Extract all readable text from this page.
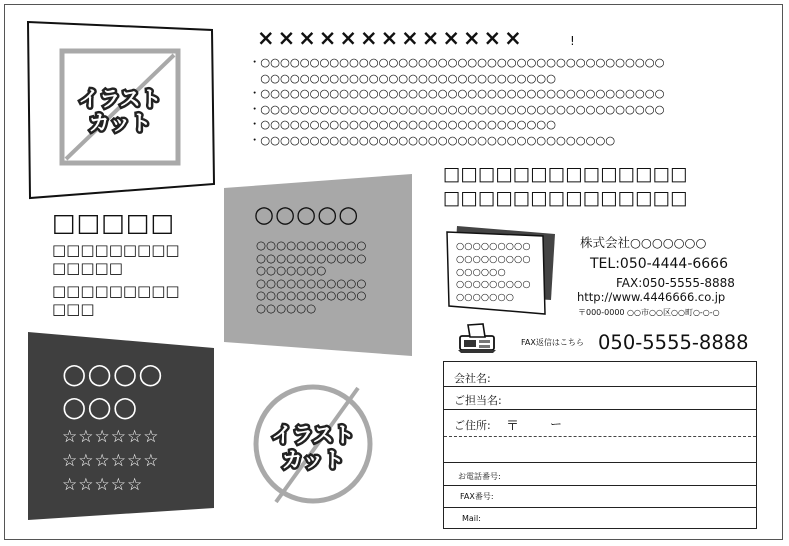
イラスト
カット
×××××××××××××	!
・○○○○○○○○○○○○○○○○○○○○○○○○○○○○○○○○○○○○○○○○○
　○○○○○○○○○○○○○○○○○○○○○○○○○○○○○○
・○○○○○○○○○○○○○○○○○○○○○○○○○○○○○○○○○○○○○○○○○
・○○○○○○○○○○○○○○○○○○○○○○○○○○○○○○○○○○○○○○○○○
・○○○○○○○○○○○○○○○○○○○○○○○○○○○○○○
・○○○○○○○○○○○○○○○○○○○○○○○○○○○○○○○○○○○○
□□□□□
□□□□□□□□□
□□□□□
□□□□□□□□□
□□□
○○○○○
○○○○○○○○○○○
○○○○○○○○○○○
○○○○○○○
○○○○○○○○○○○
○○○○○○○○○○○
○○○○○○
○○○○
○○○
☆☆☆☆☆☆
☆☆☆☆☆☆
☆☆☆☆☆
イラスト
カット
□□□□□□□□□□□□□□
□□□□□□□□□□□□□□
○○○○○○○○○
○○○○○○○○○
○○○○○○
○○○○○○○○○
○○○○○○○
株式会社○○○○○○○
TEL:050-4444-6666
FAX:050-5555-8888
http://www.4446666.co.jp
〒000-0000 ○○市○○区○○町○-○-○
FAX返信はこちら 050-5555-8888
会社名:
ご担当名:
ご住所: 〒	ー
お電話番号:
FAX番号:
Mail:
